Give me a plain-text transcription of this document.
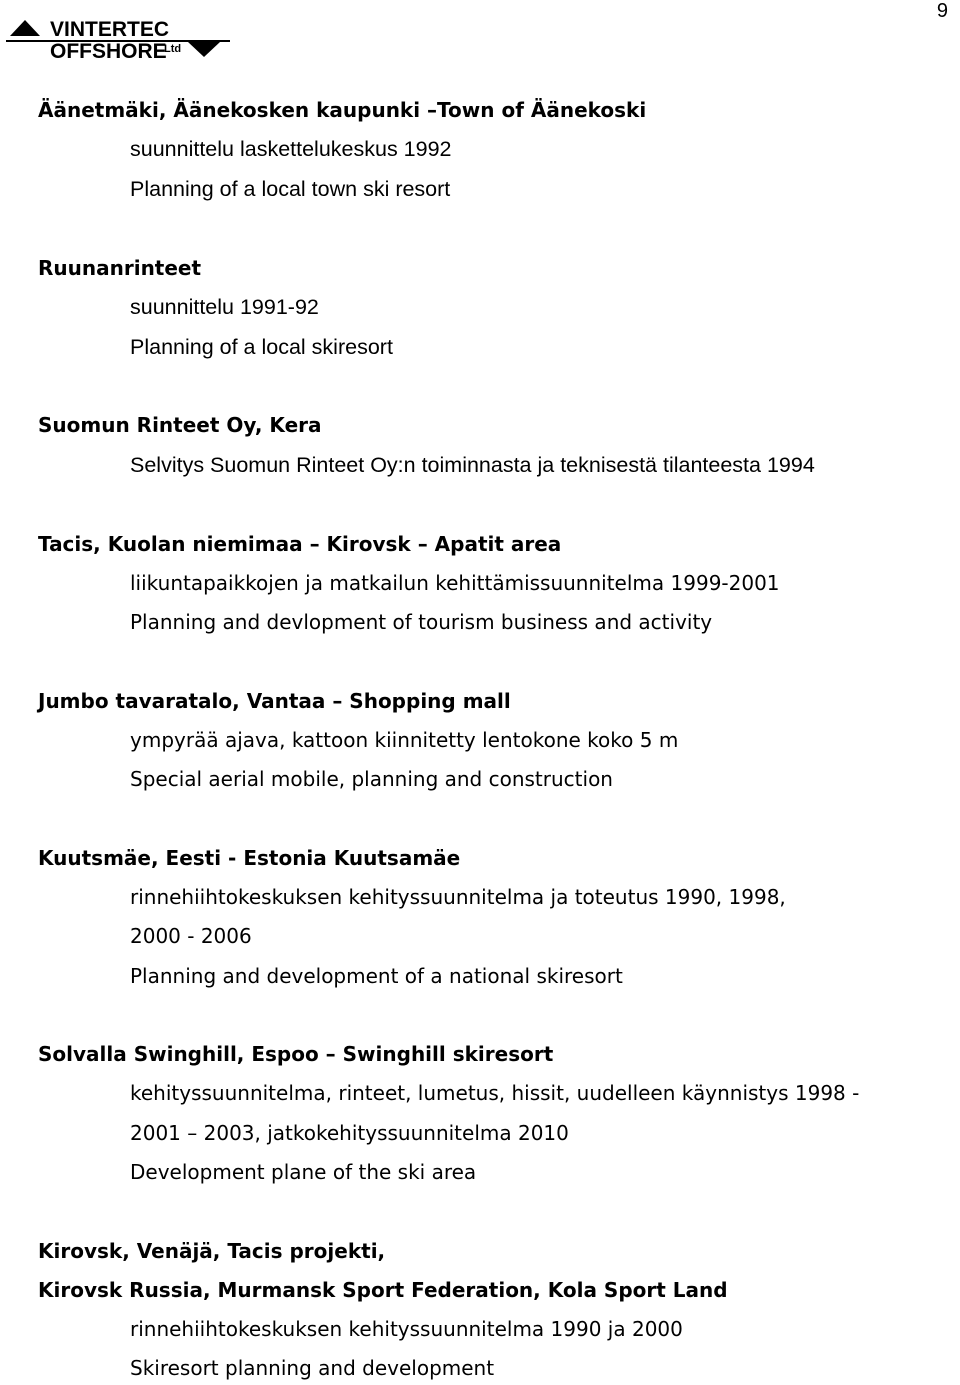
VINTERTEC
OFFSHORE
Ltd
9
Äänetmäki, Äänekosken kaupunki –Town of Äänekoski
suunnittelu laskettelukeskus 1992
Planning of a local town ski resort
Ruunanrinteet
suunnittelu 1991-92
Planning of a local skiresort
Suomun Rinteet Oy, Kera
Selvitys Suomun Rinteet Oy:n toiminnasta ja teknisestä tilanteesta 1994
Tacis, Kuolan niemimaa – Kirovsk – Apatit area
liikuntapaikkojen ja matkailun kehittämissuunnitelma 1999-2001
Planning and devlopment of tourism business and activity
Jumbo tavaratalo, Vantaa – Shopping mall
ympyrää ajava, kattoon kiinnitetty lentokone koko 5 m
Special aerial mobile, planning and construction
Kuutsmäe, Eesti - Estonia Kuutsamäe
rinnehiihtokeskuksen kehityssuunnitelma ja toteutus 1990, 1998,
2000 - 2006
Planning and development of a national skiresort
Solvalla Swinghill, Espoo – Swinghill skiresort
kehityssuunnitelma, rinteet, lumetus, hissit, uudelleen käynnistys 1998 -
2001 – 2003, jatkokehityssuunnitelma 2010
Development plane of the ski area
Kirovsk, Venäjä, Tacis projekti,
Kirovsk Russia, Murmansk Sport Federation, Kola Sport Land
rinnehiihtokeskuksen kehityssuunnitelma 1990 ja 2000
Skiresort planning and development
